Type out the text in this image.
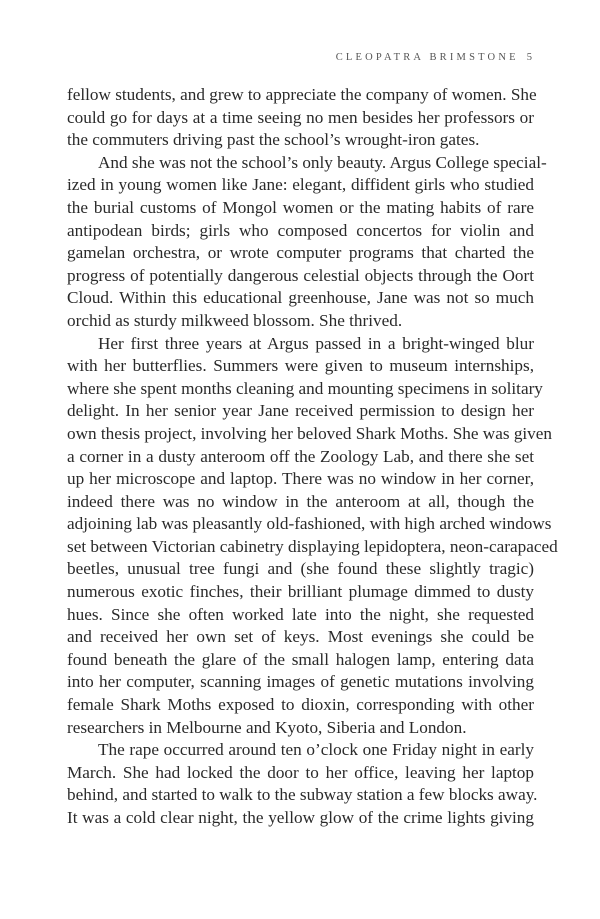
CLEOPATRA BRIMSTONE 5

fellow students, and grew to appreciate the company of women. She
could go for days at a time seeing no men besides her professors or
the commuters driving past the school’s wrought-iron gates.

And she was not the school’s only beauty. Argus College special-
ized in young women like Jane: elegant, diffident girls who studied
the burial customs of Mongol women or the mating habits of rare
antipodean birds; girls who composed concertos for violin and
gamelan orchestra, or wrote computer programs that charted the
progress of potentially dangerous celestial objects through the Oort
Cloud. Within this educational greenhouse, Jane was not so much
orchid as sturdy milkweed blossom. She thrived.

Her first three years at Argus passed in a bright-winged blur
with her butterflies. Summers were given to museum internships,
where she spent months cleaning and mounting specimens in solitary
delight. In her senior year Jane received permission to design her
own thesis project, involving her beloved Shark Moths. She was given
a corner in a dusty anteroom off the Zoology Lab, and there she set
up her microscope and laptop. There was no window in her corner,
indeed there was no window in the anteroom at all, though the
adjoining lab was pleasantly old-fashioned, with high arched windows
set between Victorian cabinetry displaying lepidoptera, neon-carapaced
beetles, unusual tree fungi and (she found these slightly tragic)
numerous exotic finches, their brilliant plumage dimmed to dusty
hues. Since she often worked late into the night, she requested
and received her own set of keys. Most evenings she could be
found beneath the glare of the small halogen lamp, entering data
into her computer, scanning images of genetic mutations involving
female Shark Moths exposed to dioxin, corresponding with other
researchers in Melbourne and Kyoto, Siberia and London.

The rape occurred around ten o’clock one Friday night in early
March. She had locked the door to her office, leaving her laptop
behind, and started to walk to the subway station a few blocks away.
It was a cold clear night, the yellow glow of the crime lights giving
